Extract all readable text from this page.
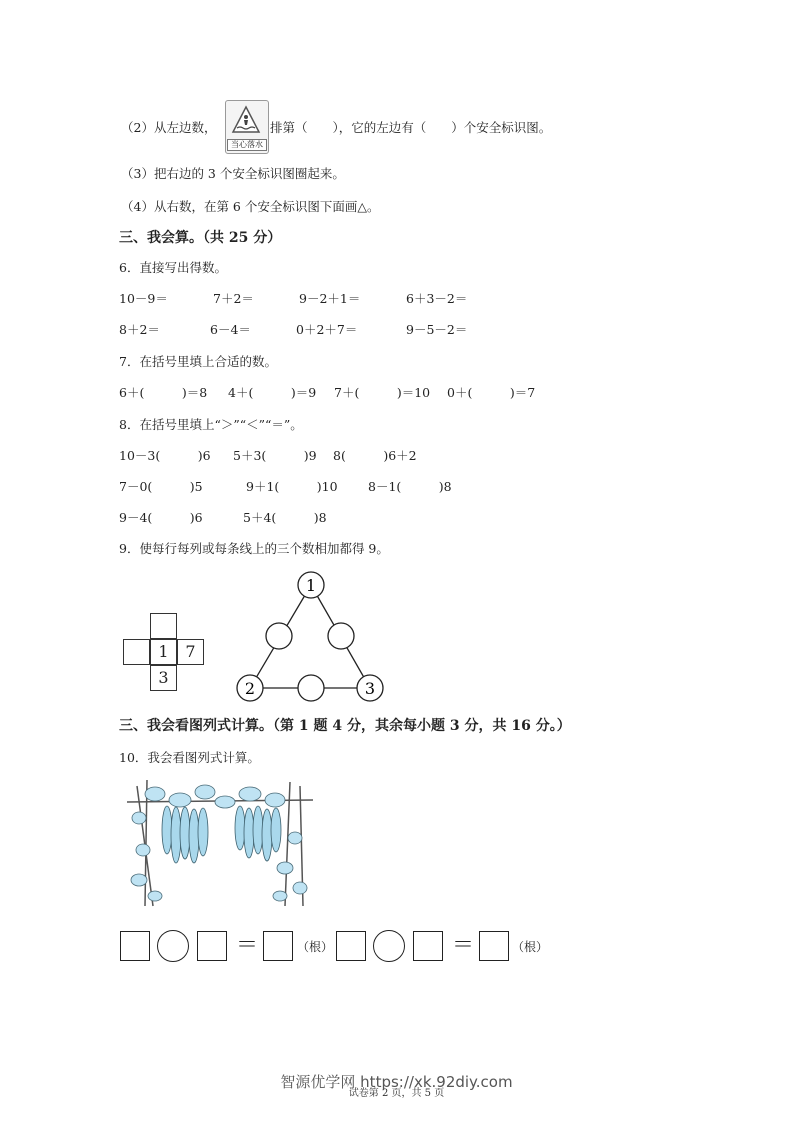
（2）从左边数，
当心落水
排第（　　），它的左边有（　　）个安全标识图。
（3）把右边的 3 个安全标识图圈起来。
（4）从右数，在第 6 个安全标识图下面画△。
三、我会算。（共 25 分）
6．直接写出得数。
10－9＝	7＋2＝	9－2＋1＝	6＋3－2＝
8＋2＝	6－4＝	0＋2＋7＝	9－5－2＝
7．在括号里填上合适的数。
6＋(　　　)＝8 4＋(　　　)＝9 7＋(　　　)＝10 0＋(　　　)＝7
8．在括号里填上“＞”“＜”“＝”。
10－3(　　　)6 5＋3(　　　)9 8(　　　)6＋2
7－0(　　　)5	9＋1(　　　)10 8－1(　　　)8
9－4(　　　)6	5＋4(　　　)8
9．使每行每列或每条线上的三个数相加都得 9。
1	7
3
1
2	3
三、我会看图列式计算。（第 1 题 4 分，其余每小题 3 分，共 16 分。）
10．我会看图列式计算。
＝	（根）	＝	（根）
试卷第 2 页，共 5 页
智源优学网 https://xk.92diy.com
